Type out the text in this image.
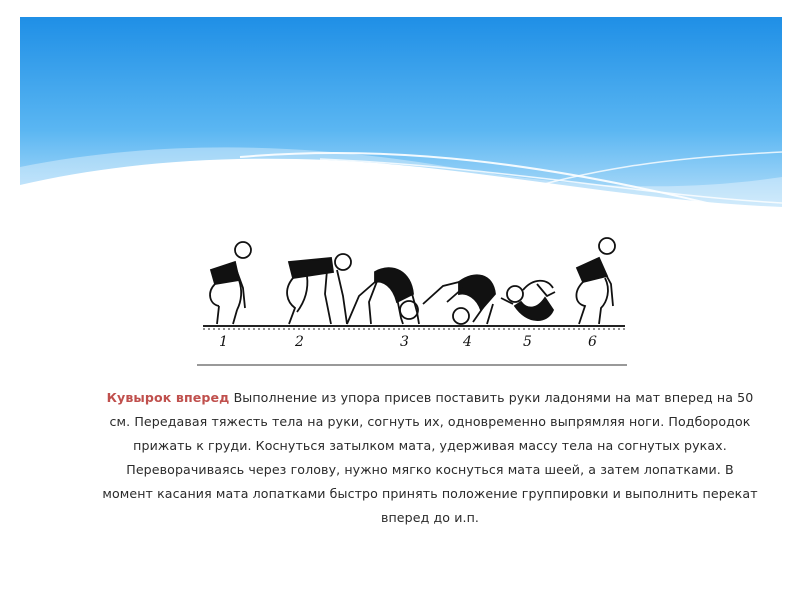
1	2	3	4	5	6
Кувырок вперед Выполнение из упора присев поставить руки ладонями на мат вперед на 50 см. Передавая тяжесть тела на руки, согнуть их, одновременно выпрямляя ноги. Подбородок прижать к груди. Коснуться затылком мата, удерживая массу тела на согнутых руках. Переворачиваясь через голову, нужно мягко коснуться мата шеей, а затем лопатками. В момент касания мата лопатками быстро принять положение группировки и выполнить перекат вперед до и.п.
